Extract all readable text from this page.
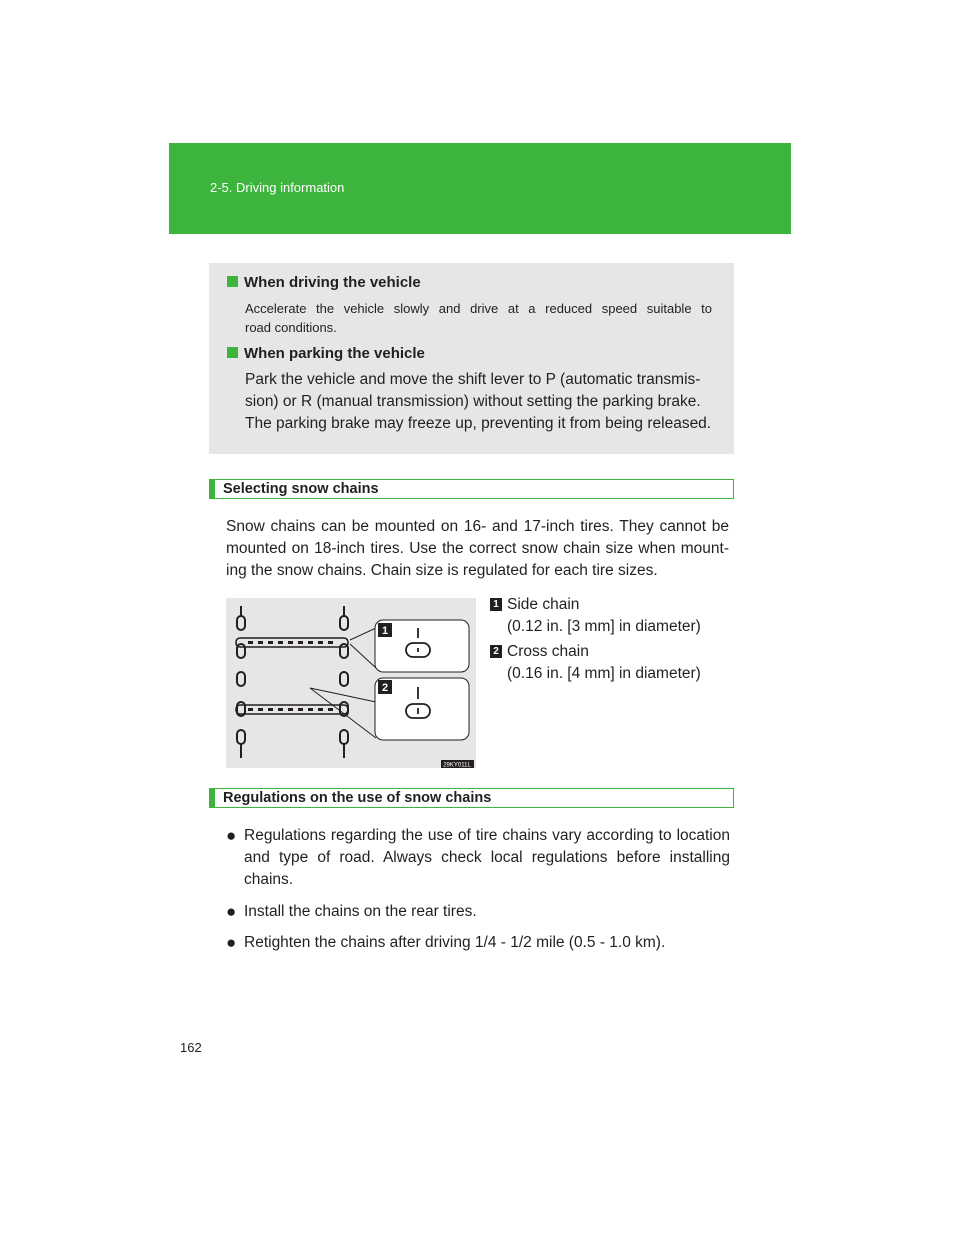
2-5. Driving information
When driving the vehicle
Accelerate the vehicle slowly and drive at a reduced speed suitable to
road conditions.
When parking the vehicle
Park the vehicle and move the shift lever to P (automatic transmis-
sion) or R (manual transmission) without setting the parking brake.
The parking brake may freeze up, preventing it from being released.
Selecting snow chains
Snow chains can be mounted on 16- and 17-inch tires. They cannot be mounted on 18-inch tires. Use the correct snow chain size when mount-ing the snow chains. Chain size is regulated for each tire sizes.
1
2
29KY011L
1 Side chain
(0.12 in. [3 mm] in diameter)
2 Cross chain
(0.16 in. [4 mm] in diameter)
Regulations on the use of snow chains
● Regulations regarding the use of tire chains vary according to location and type of road. Always check local regulations before installing chains.
● Install the chains on the rear tires.
● Retighten the chains after driving 1/4 - 1/2 mile (0.5 - 1.0 km).
162
